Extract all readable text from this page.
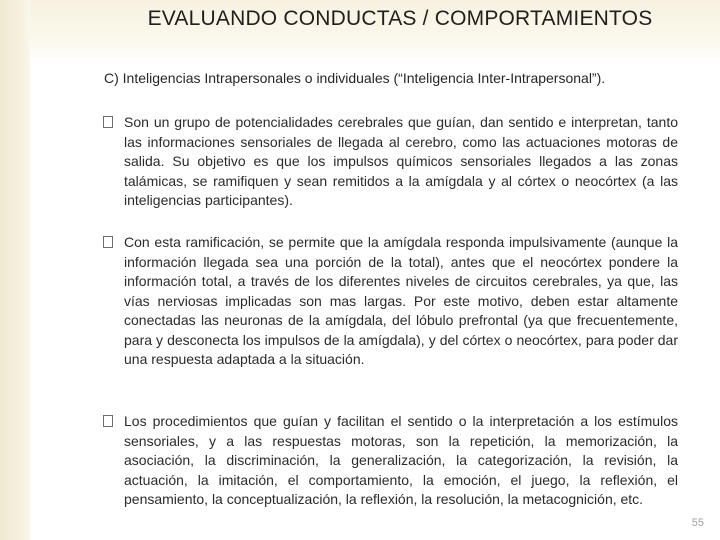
EVALUANDO CONDUCTAS / COMPORTAMIENTOS
C) Inteligencias Intrapersonales o individuales (“Inteligencia Inter-Intrapersonal”).
Son un grupo de potencialidades cerebrales que guían, dan sentido e interpretan, tanto las informaciones sensoriales de llegada al cerebro, como las actuaciones motoras de salida. Su objetivo es que los impulsos químicos sensoriales llegados a las zonas talámicas, se ramifiquen y sean remitidos a la amígdala y al córtex o neocórtex (a las inteligencias participantes).
Con esta ramificación, se permite que la amígdala responda impulsivamente (aunque la información llegada sea una porción de la total), antes que el neocórtex pondere la información total, a través de los diferentes niveles de circuitos cerebrales, ya que, las vías nerviosas implicadas son mas largas. Por este motivo, deben estar altamente conectadas las neuronas de la amígdala, del lóbulo prefrontal (ya que frecuentemente, para y desconecta los impulsos de la amígdala), y del córtex o neocórtex, para poder dar una respuesta adaptada a la situación.
Los procedimientos que guían y facilitan el sentido o la interpretación a los estímulos sensoriales, y a las respuestas motoras, son la repetición, la memorización, la asociación, la discriminación, la generalización, la categorización, la revisión, la actuación, la imitación, el comportamiento, la emoción, el juego, la reflexión, el pensamiento, la conceptualización, la reflexión, la resolución, la metacognición, etc.
55
